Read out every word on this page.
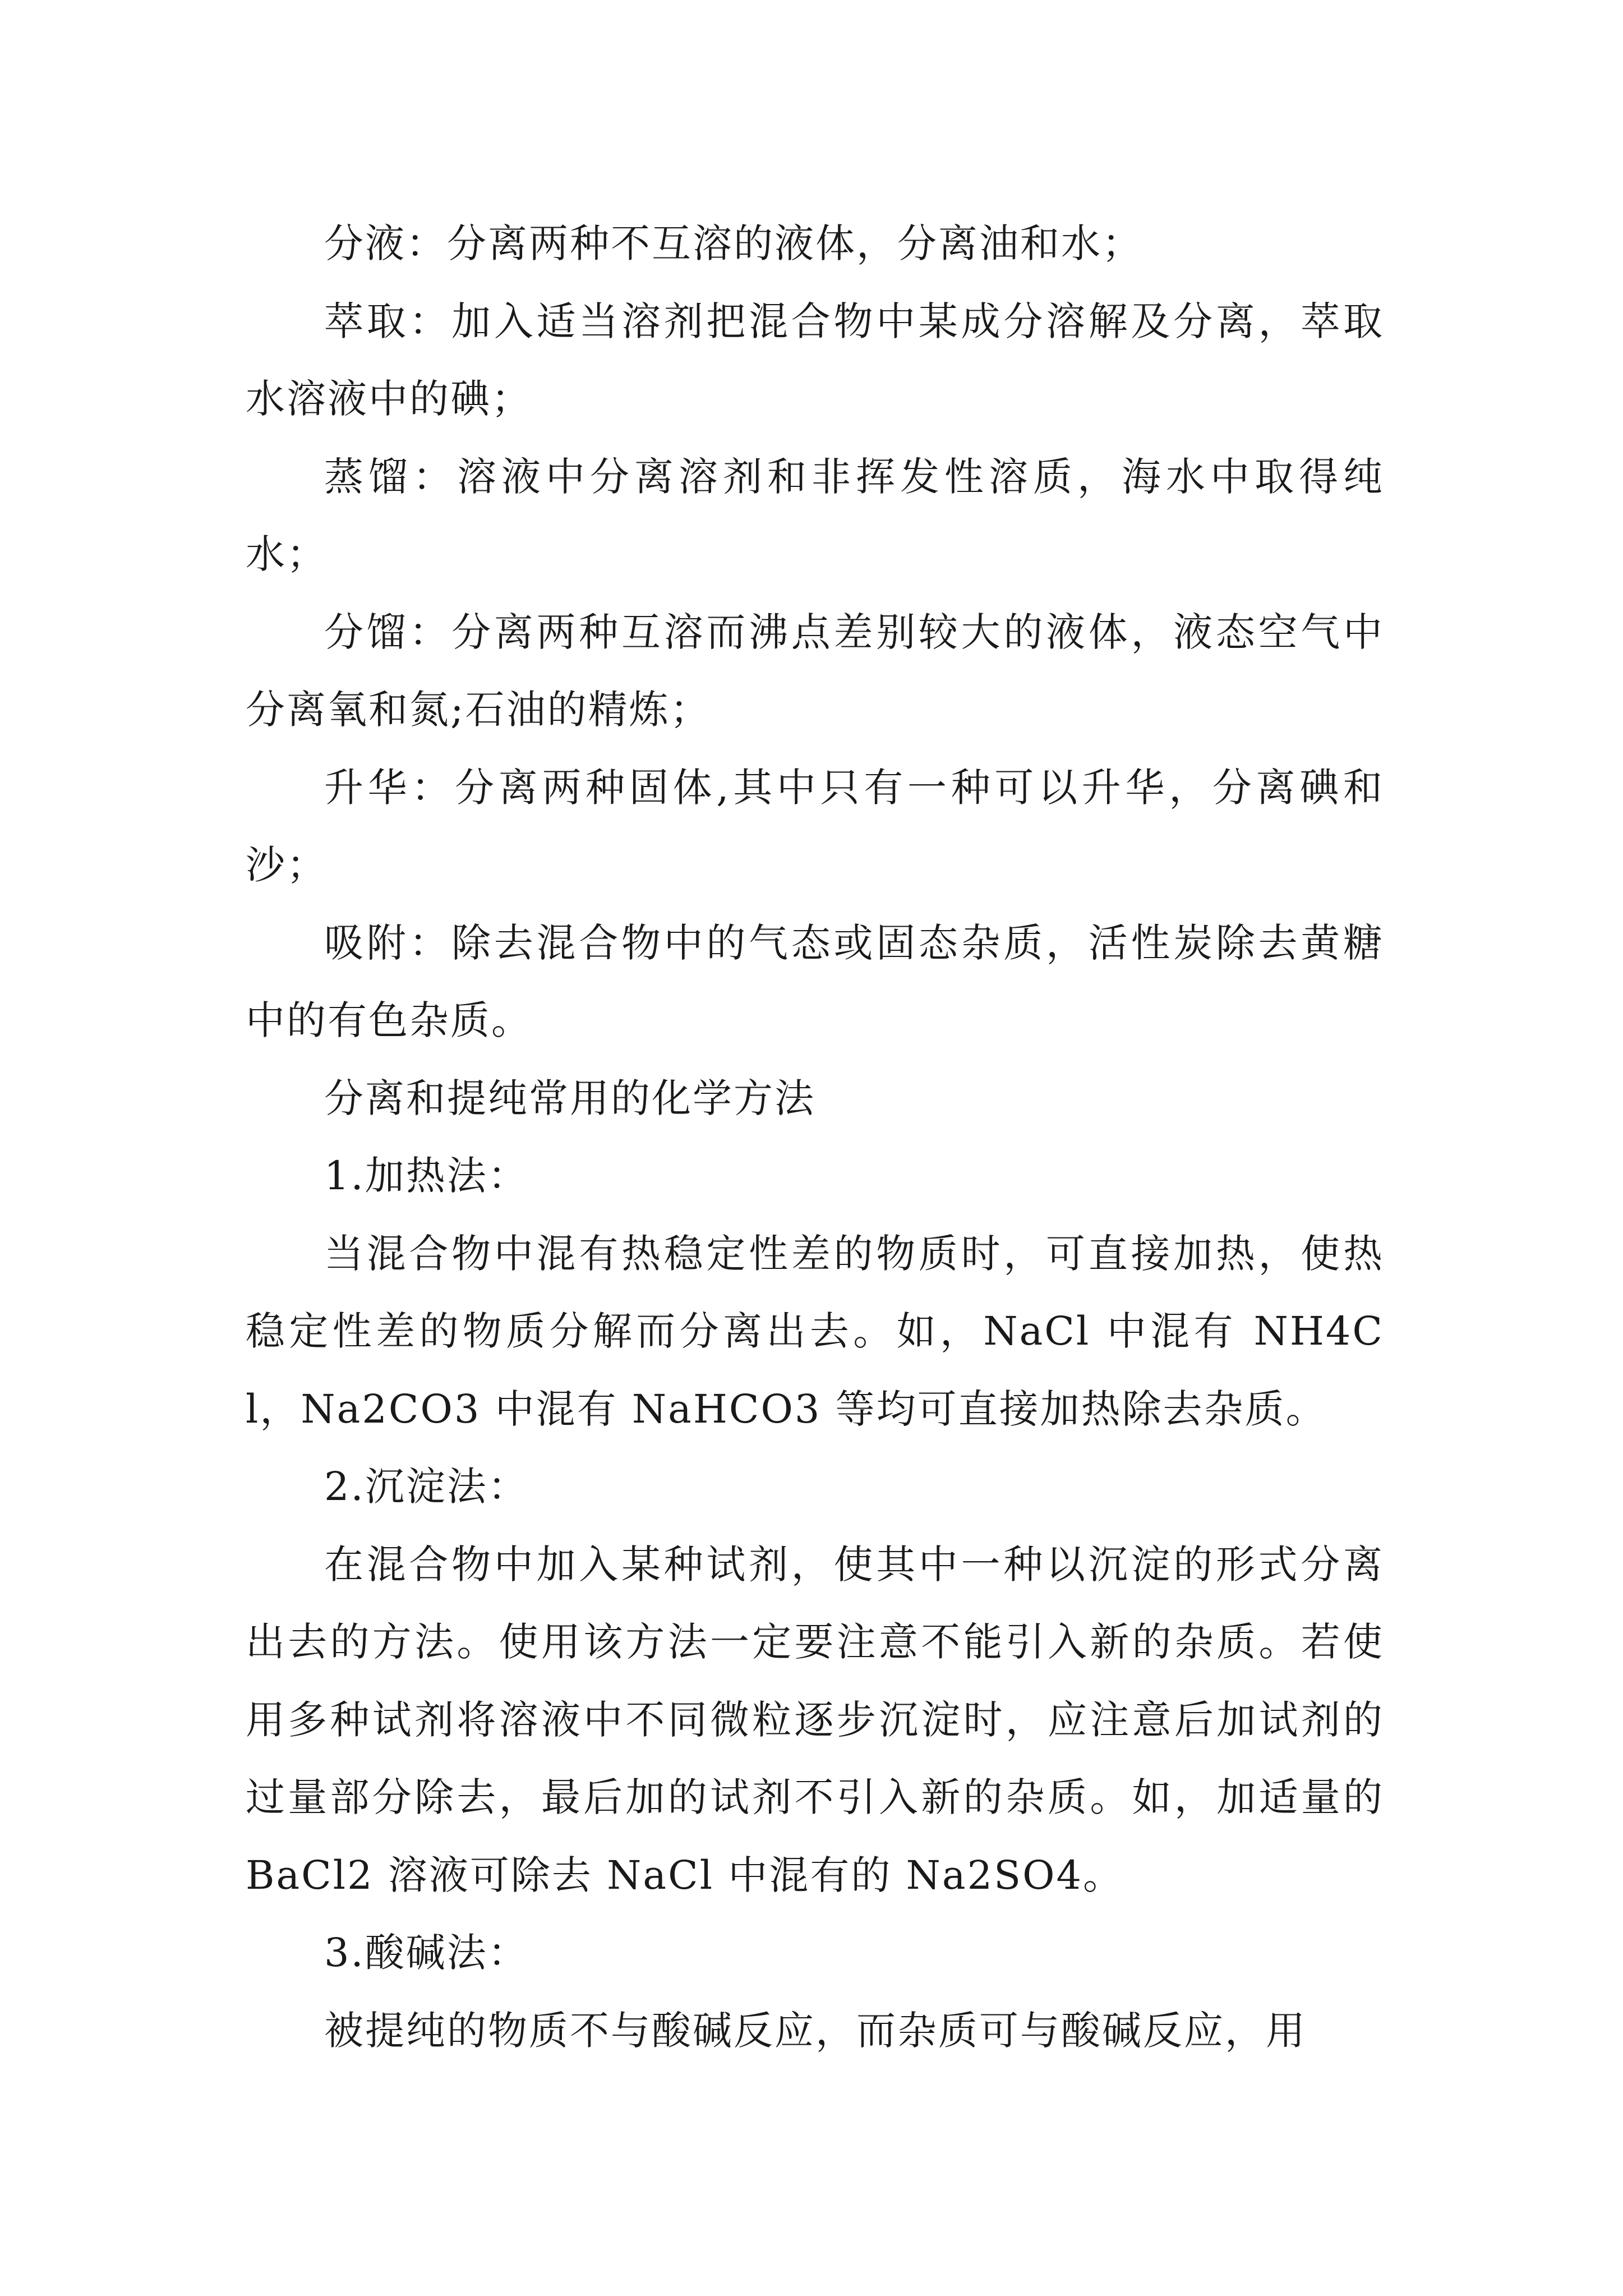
分液：分离两种不互溶的液体，分离油和水；

萃取：加入适当溶剂把混合物中某成分溶解及分离，萃取水溶液中的碘；

蒸馏：溶液中分离溶剂和非挥发性溶质，海水中取得纯水；

分馏：分离两种互溶而沸点差别较大的液体，液态空气中分离氧和氮;石油的精炼；

升华：分离两种固体,其中只有一种可以升华，分离碘和沙；

吸附：除去混合物中的气态或固态杂质，活性炭除去黄糖中的有色杂质。

分离和提纯常用的化学方法

1.加热法：

当混合物中混有热稳定性差的物质时，可直接加热，使热稳定性差的物质分解而分离出去。如，NaCl 中混有 NH4Cl，Na2CO3 中混有 NaHCO3 等均可直接加热除去杂质。

2.沉淀法：

在混合物中加入某种试剂，使其中一种以沉淀的形式分离出去的方法。使用该方法一定要注意不能引入新的杂质。若使用多种试剂将溶液中不同微粒逐步沉淀时，应注意后加试剂的过量部分除去，最后加的试剂不引入新的杂质。如，加适量的 BaCl2 溶液可除去 NaCl 中混有的 Na2SO4。

3.酸碱法：

被提纯的物质不与酸碱反应，而杂质可与酸碱反应，用
